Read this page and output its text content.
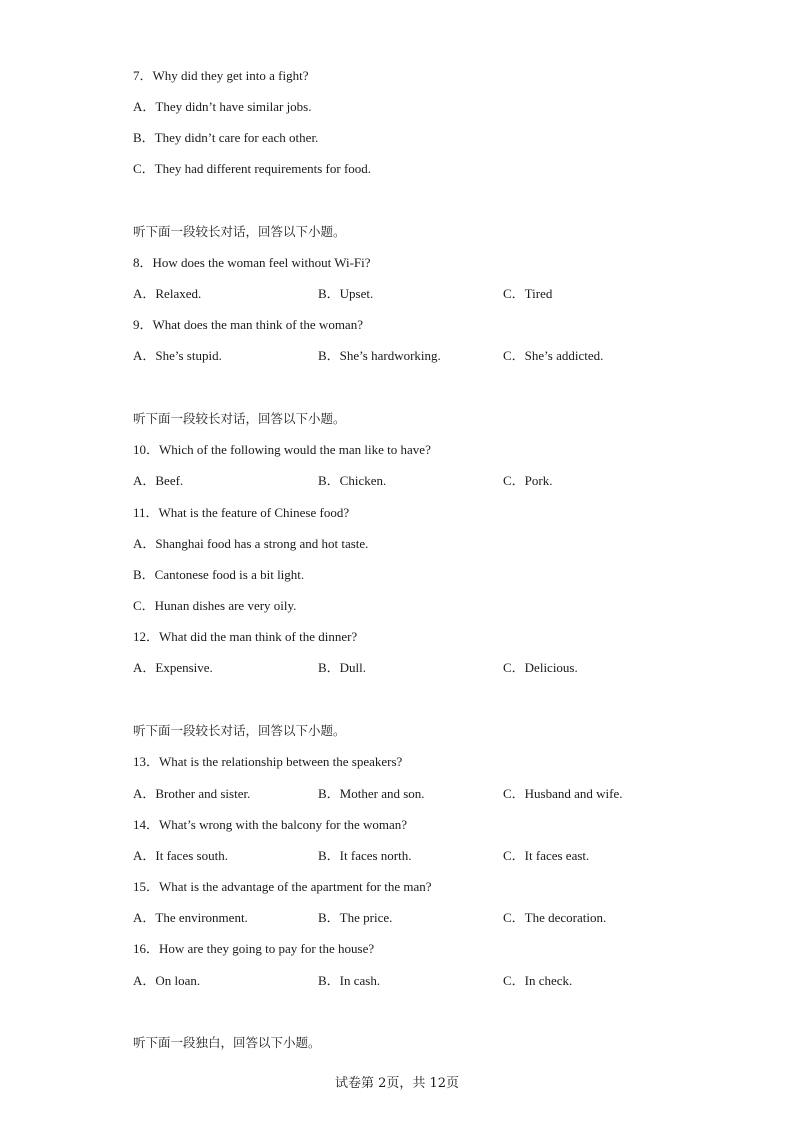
7．Why did they get into a fight?
A．They didn’t have similar jobs.
B．They didn’t care for each other.
C．They had different requirements for food.
听下面一段较长对话，回答以下小题。
8．How does the woman feel without Wi-Fi?
A．Relaxed.	B．Upset.	C．Tired
9．What does the man think of the woman?
A．She’s stupid.	B．She’s hardworking.	C．She’s addicted.
听下面一段较长对话，回答以下小题。
10．Which of the following would the man like to have?
A．Beef.	B．Chicken.	C．Pork.
11．What is the feature of Chinese food?
A．Shanghai food has a strong and hot taste.
B．Cantonese food is a bit light.
C．Hunan dishes are very oily.
12．What did the man think of the dinner?
A．Expensive.	B．Dull.	C．Delicious.
听下面一段较长对话，回答以下小题。
13．What is the relationship between the speakers?
A．Brother and sister.	B．Mother and son.	C．Husband and wife.
14．What’s wrong with the balcony for the woman?
A．It faces south.	B．It faces north.	C．It faces east.
15．What is the advantage of the apartment for the man?
A．The environment.	B．The price.	C．The decoration.
16．How are they going to pay for the house?
A．On loan.	B．In cash.	C．In check.
听下面一段独白，回答以下小题。
试卷第 2页，共 12页
